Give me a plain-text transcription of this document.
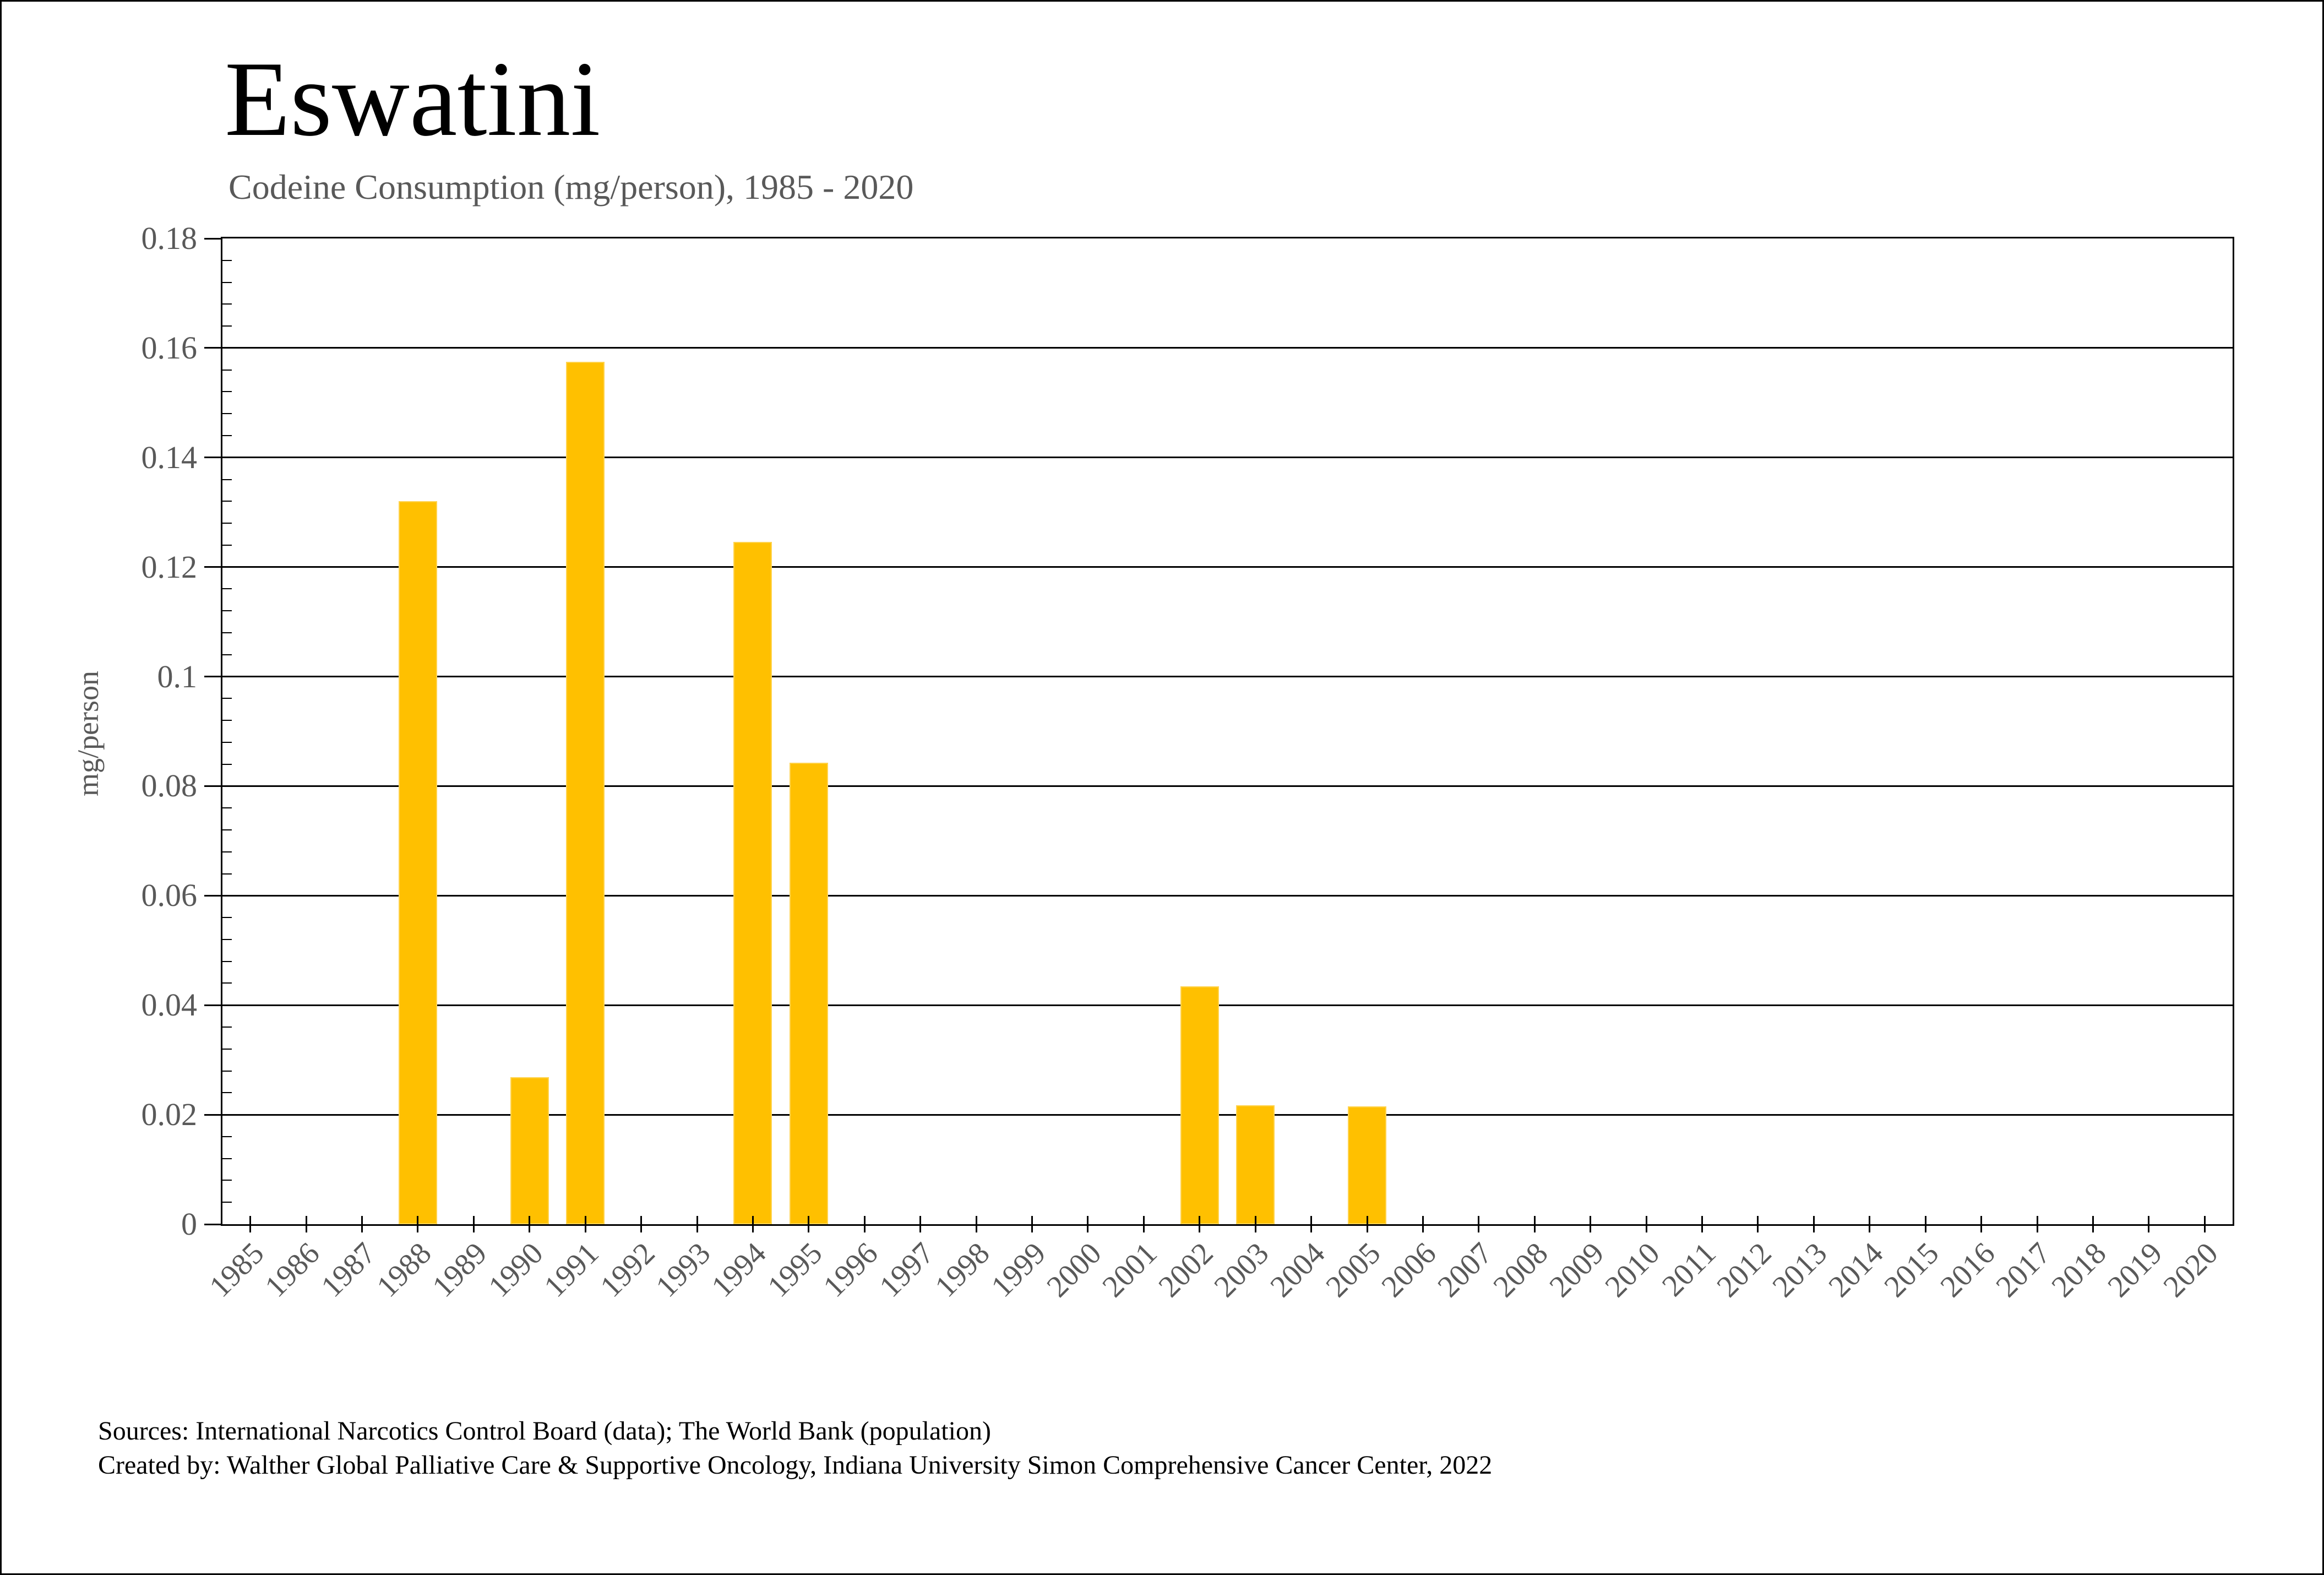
Eswatini
Codeine Consumption (mg/person), 1985 - 2020
mg/person
Sources: International Narcotics Control Board (data); The World Bank (population)
Created by: Walther Global Palliative Care & Supportive Oncology, Indiana University Simon Comprehensive Cancer Center, 2022
0
0.02
0.04
0.06
0.08
0.1
0.12
0.14
0.16
0.18
1985
1986
1987
1988
1989
1990
1991
1992
1993
1994
1995
1996
1997
1998
1999
2000
2001
2002
2003
2004
2005
2006
2007
2008
2009
2010
2011
2012
2013
2014
2015
2016
2017
2018
2019
2020
